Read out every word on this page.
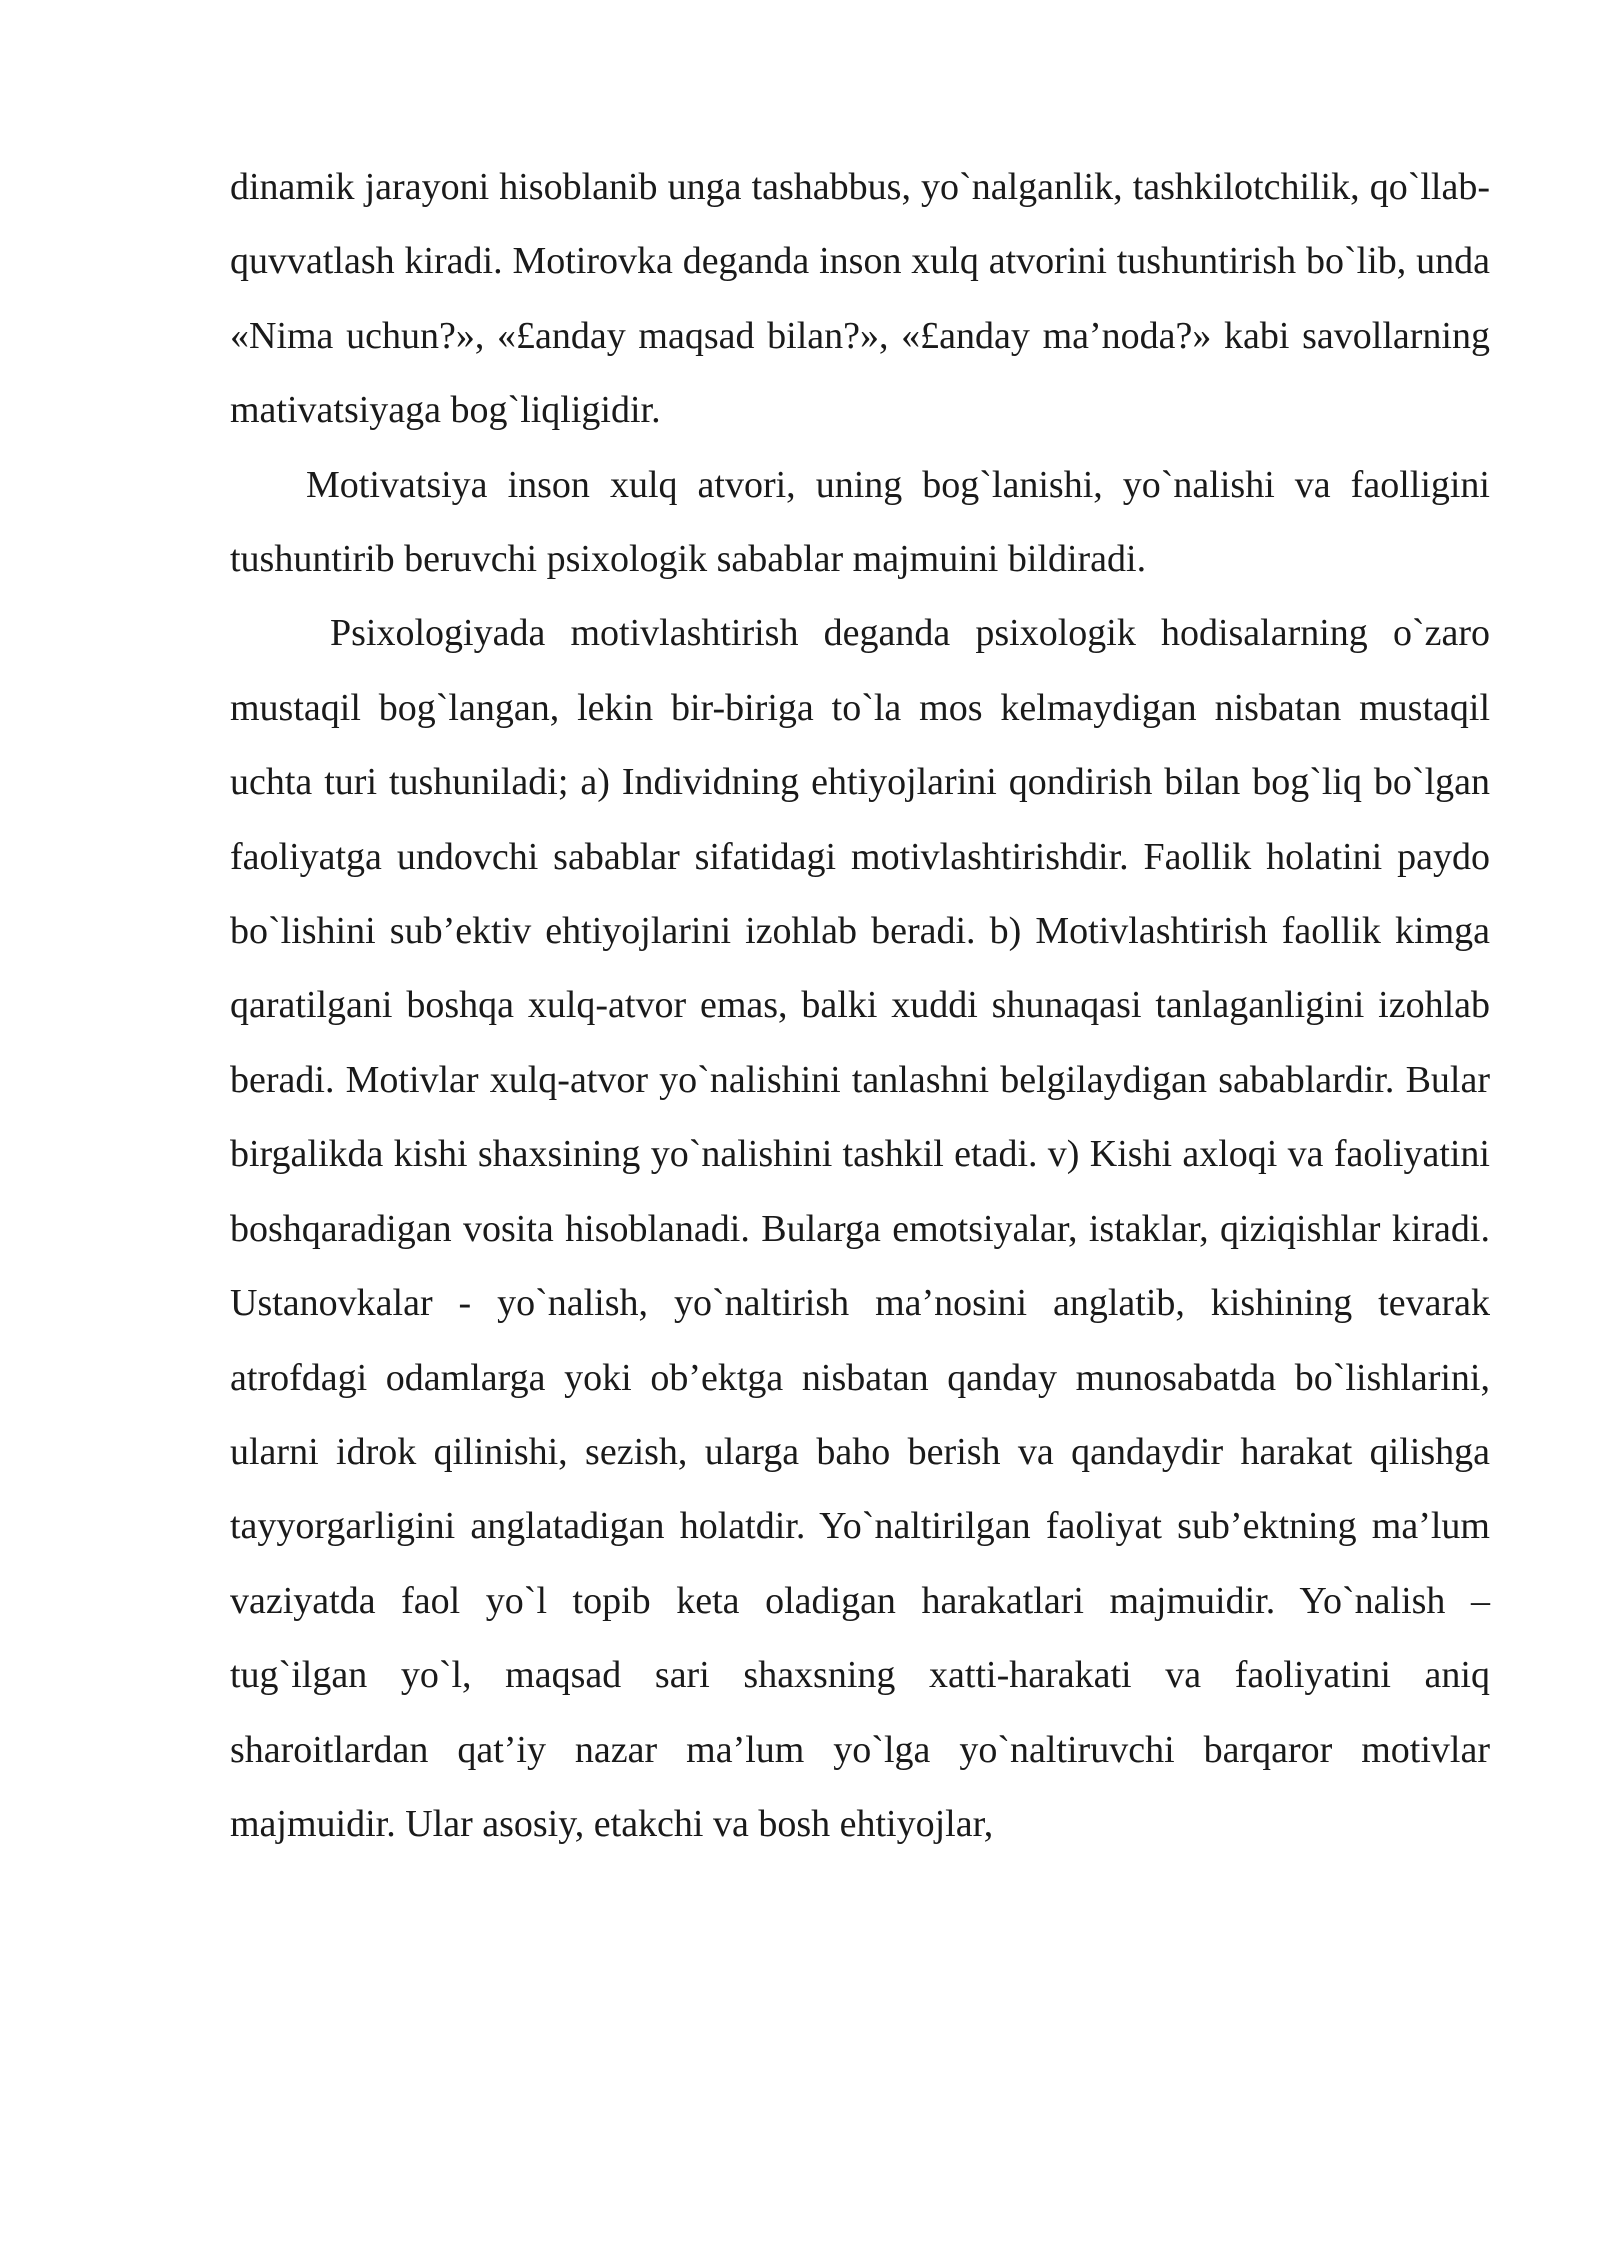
dinamik jarayoni hisoblanib unga tashabbus, yo`nalganlik, tashkilotchilik, qo`llab-quvvatlash kiradi. Motirovka deganda inson xulq atvorini tushuntirish bo`lib, unda «Nima uchun?», «£anday maqsad bilan?», «£anday ma’noda?» kabi savollarning mativatsiyaga bog`liqligidir.

Motivatsiya inson xulq atvori, uning bog`lanishi, yo`nalishi va faolligini tushuntirib beruvchi psixologik sabablar majmuini bildiradi.

Psixologiyada motivlashtirish deganda psixologik hodisalarning o`zaro mustaqil bog`langan, lekin bir-biriga to`la mos kelmaydigan nisbatan mustaqil uchta turi tushuniladi; a) Individning ehtiyojlarini qondirish bilan bog`liq bo`lgan faoliyatga undovchi sabablar sifatidagi motivlashtirishdir. Faollik holatini paydo bo`lishini sub’ektiv ehtiyojlarini izohlab beradi. b) Motivlashtirish faollik kimga qaratilgani boshqa xulq-atvor emas, balki xuddi shunaqasi tanlaganligini izohlab beradi. Motivlar xulq-atvor yo`nalishini tanlashni belgilaydigan sabablardir. Bular birgalikda kishi shaxsining yo`nalishini tashkil etadi. v) Kishi axloqi va faoliyatini boshqaradigan vosita hisoblanadi. Bularga emotsiyalar, istaklar, qiziqishlar kiradi. Ustanovkalar - yo`nalish, yo`naltirish ma’nosini anglatib, kishining tevarak atrofdagi odamlarga yoki ob’ektga nisbatan qanday munosabatda bo`lishlarini, ularni idrok qilinishi, sezish, ularga baho berish va qandaydir harakat qilishga tayyorgarligini anglatadigan holatdir. Yo`naltirilgan faoliyat sub’ektning ma’lum vaziyatda faol yo`l topib keta oladigan harakatlari majmuidir. Yo`nalish – tug`ilgan yo`l, maqsad sari shaxsning xatti-harakati va faoliyatini aniq sharoitlardan qat’iy nazar ma’lum yo`lga yo`naltiruvchi barqaror motivlar majmuidir. Ular asosiy, etakchi va bosh ehtiyojlar,
